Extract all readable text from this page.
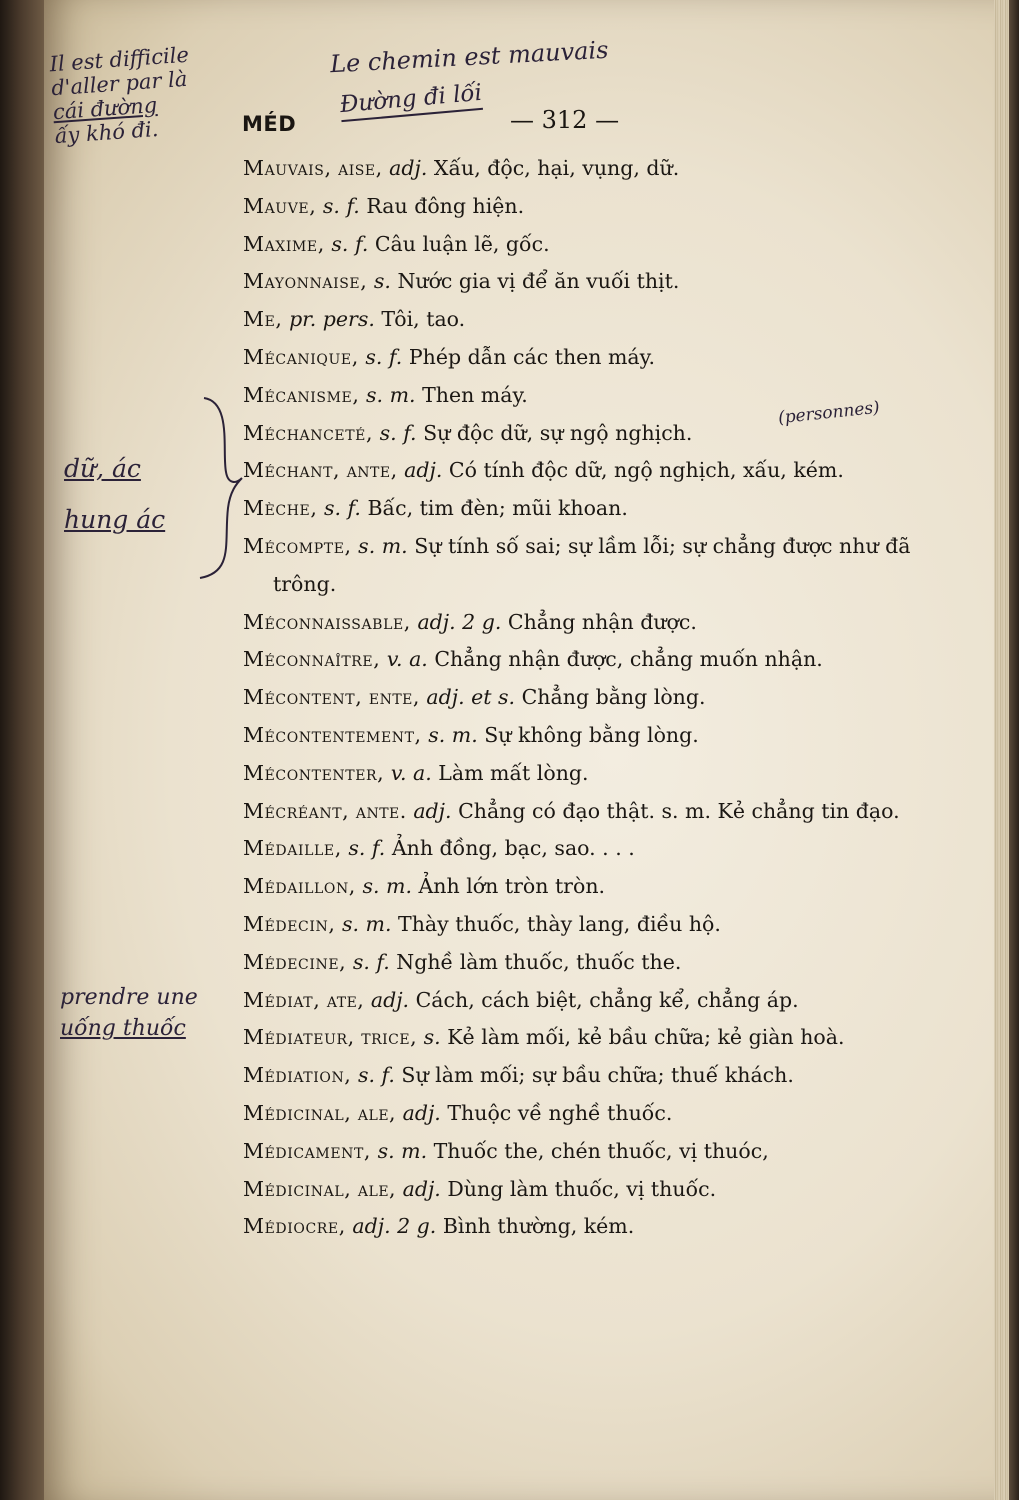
MÉD	— 312 —
Il est difficile
d'aller par là
cái đường
ấy khó đi.
Le chemin est mauvais
Đường đi lối
dữ, ác
hung ác
(personnes)
prendre une
uống thuốc
Mauvais, aise, adj. Xấu, độc, hại, vụng, dữ.
Mauve, s. f. Rau đông hiện.
Maxime, s. f. Câu luận lẽ, gốc.
Mayonnaise, s. Nước gia vị để ăn vuối thịt.
Me, pr. pers. Tôi, tao.
Mécanique, s. f. Phép dẫn các then máy.
Mécanisme, s. m. Then máy.
Méchanceté, s. f. Sự độc dữ, sự ngộ nghịch.
Méchant, ante, adj. Có tính độc dữ, ngộ nghịch, xấu, kém.
Mèche, s. f. Bấc, tim đèn; mũi khoan.
Mécompte, s. m. Sự tính số sai; sự lầm lỗi; sự chẳng được như đã trông.
Méconnaissable, adj. 2 g. Chẳng nhận được.
Méconnaître, v. a. Chẳng nhận được, chẳng muốn nhận.
Mécontent, ente, adj. et s. Chẳng bằng lòng.
Mécontentement, s. m. Sự không bằng lòng.
Mécontenter, v. a. Làm mất lòng.
Mécréant, ante. adj. Chẳng có đạo thật. s. m. Kẻ chẳng tin đạo.
Médaille, s. f. Ảnh đồng, bạc, sao. . . .
Médaillon, s. m. Ảnh lớn tròn tròn.
Médecin, s. m. Thày thuốc, thày lang, điều hộ.
Médecine, s. f. Nghề làm thuốc, thuốc the.
Médiat, ate, adj. Cách, cách biệt, chẳng kể, chẳng áp.
Médiateur, trice, s. Kẻ làm mối, kẻ bầu chữa; kẻ giàn hoà.
Médiation, s. f. Sự làm mối; sự bầu chữa; thuế khách.
Médicinal, ale, adj. Thuộc về nghề thuốc.
Médicament, s. m. Thuốc the, chén thuốc, vị thuóc,
Médicinal, ale, adj. Dùng làm thuốc, vị thuốc.
Médiocre, adj. 2 g. Bình thường, kém.
